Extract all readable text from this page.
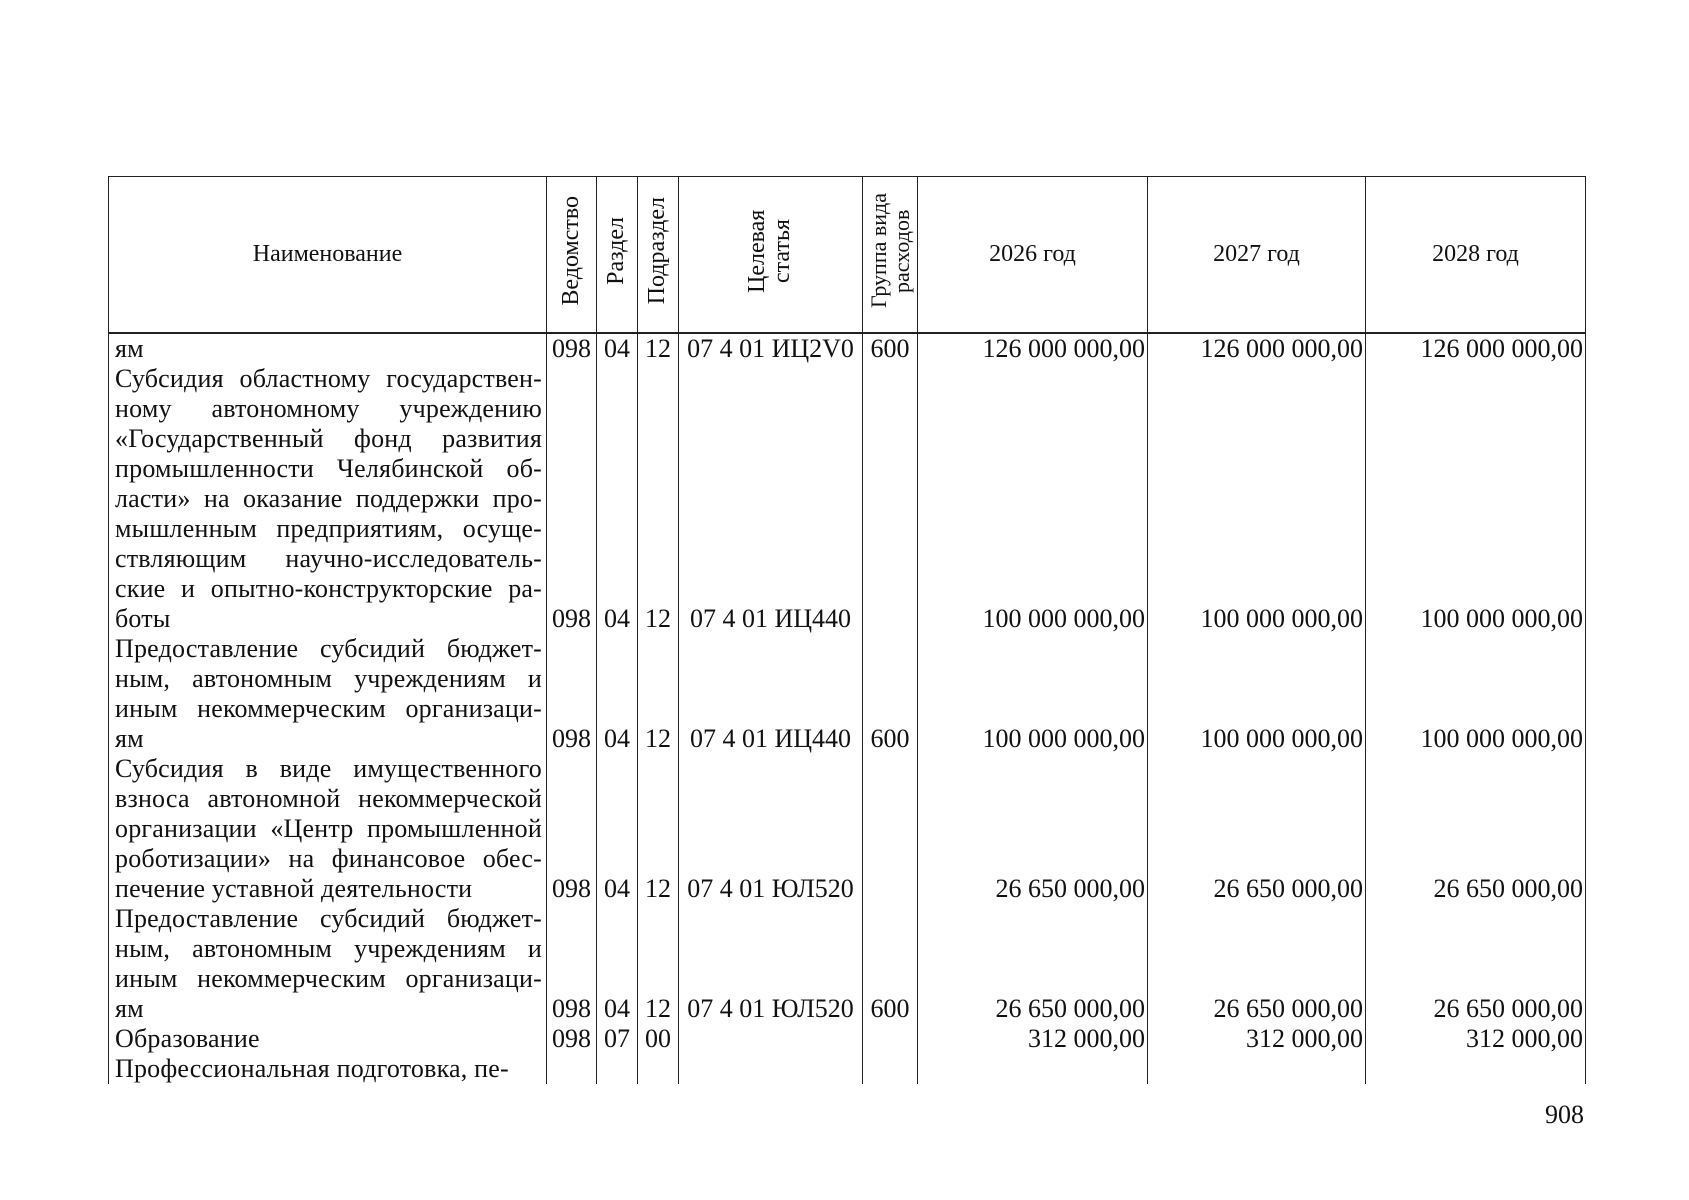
Наименование	Ведомство	Раздел	Подраздел	Целевая статья	Группа вида расходов	2026 год	2027 год	2028 год
ям	098	04	12	07 4 01 ИЦ2V0	600	126 000 000,00	126 000 000,00	126 000 000,00
Субсидия областному государствен-								
ному автономному учреждению								
«Государственный фонд развития								
промышленности Челябинской об-								
ласти» на оказание поддержки про-								
мышленным предприятиям, осуще-								
ствляющим научно-исследователь-								
ские и опытно-конструкторские ра-								
боты	098	04	12	07 4 01 ИЦ440		100 000 000,00	100 000 000,00	100 000 000,00
Предоставление субсидий бюджет-								
ным, автономным учреждениям и								
иным некоммерческим организаци-								
ям	098	04	12	07 4 01 ИЦ440	600	100 000 000,00	100 000 000,00	100 000 000,00
Субсидия в виде имущественного								
взноса автономной некоммерческой								
организации «Центр промышленной								
роботизации» на финансовое обес-								
печение уставной деятельности	098	04	12	07 4 01 ЮЛ520		26 650 000,00	26 650 000,00	26 650 000,00
Предоставление субсидий бюджет-								
ным, автономным учреждениям и								
иным некоммерческим организаци-								
ям	098	04	12	07 4 01 ЮЛ520	600	26 650 000,00	26 650 000,00	26 650 000,00
Образование	098	07	00			312 000,00	312 000,00	312 000,00
Профессиональная подготовка, пе-								
908
